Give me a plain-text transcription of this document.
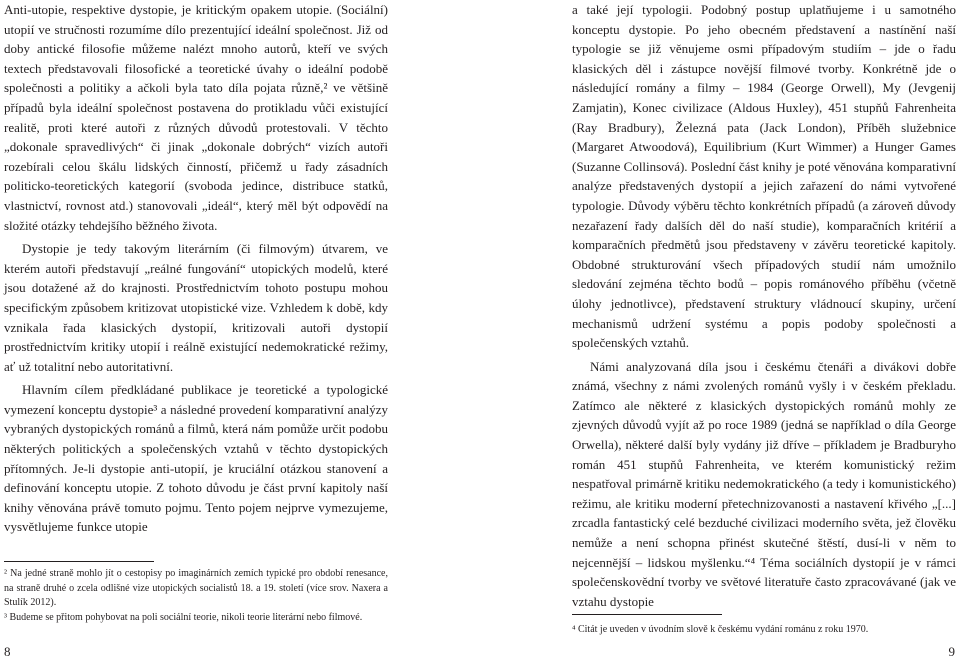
Anti-utopie, respektive dystopie, je kritickým opakem utopie. (Sociální) utopií ve stručnosti rozumíme dílo prezentující ideální společnost. Již od doby antické filosofie můžeme nalézt mnoho autorů, kteří ve svých textech představovali filosofické a teoretické úvahy o ideální podobě společnosti a politiky a ačkoli byla tato díla pojata různě,² ve většině případů byla ideální společnost postavena do protikladu vůči existující realitě, proti které autoři z různých důvodů protestovali. V těchto „dokonale spravedlivých“ či jinak „dokonale dobrých“ vizích autoři rozebírali celou škálu lidských činností, přičemž u řady zásadních politicko-teoretických kategorií (svoboda jedince, distribuce statků, vlastnictví, rovnost atd.) stanovovali „ideál“, který měl být odpovědí na složité otázky tehdejšího běžného života.

Dystopie je tedy takovým literárním (či filmovým) útvarem, ve kterém autoři představují „reálné fungování“ utopických modelů, které jsou dotažené až do krajnosti. Prostřednictvím tohoto postupu mohou specifickým způsobem kritizovat utopistické vize. Vzhledem k době, kdy vznikala řada klasických dystopií, kritizovali autoři dystopií prostřednictvím kritiky utopií i reálně existující nedemokratické režimy, ať už totalitní nebo autoritativní.

Hlavním cílem předkládané publikace je teoretické a typologické vymezení konceptu dystopie³ a následné provedení komparativní analýzy vybraných dystopických románů a filmů, která nám pomůže určit podobu některých politických a společenských vztahů v těchto dystopických přítomných. Je-li dystopie anti-utopií, je kruciální otázkou stanovení a definování konceptu utopie. Z tohoto důvodu je část první kapitoly naší knihy věnována právě tomuto pojmu. Tento pojem nejprve vymezujeme, vysvětlujeme funkce utopie

² Na jedné straně mohlo jít o cestopisy po imaginárních zemích typické pro období renesance, na straně druhé o zcela odlišné vize utopických socialistů 18. a 19. století (více srov. Naxera a Stulík 2012).

³ Budeme se přitom pohybovat na poli sociální teorie, nikoli teorie literární nebo filmové.

8

a také její typologii. Podobný postup uplatňujeme i u samotného konceptu dystopie. Po jeho obecném představení a nastínění naší typologie se již věnujeme osmi případovým studiím – jde o řadu klasických děl i zástupce novější filmové tvorby. Konkrétně jde o následující romány a filmy – 1984 (George Orwell), My (Jevgenij Zamjatin), Konec civilizace (Aldous Huxley), 451 stupňů Fahrenheita (Ray Bradbury), Železná pata (Jack London), Příběh služebnice (Margaret Atwoodová), Equilibrium (Kurt Wimmer) a Hunger Games (Suzanne Collinsová). Poslední část knihy je poté věnována komparativní analýze představených dystopií a jejich zařazení do námi vytvořené typologie. Důvody výběru těchto konkrétních případů (a zároveň důvody nezařazení řady dalších děl do naší studie), komparačních kritérií a komparačních předmětů jsou představeny v závěru teoretické kapitoly. Obdobné strukturování všech případových studií nám umožnilo sledování zejména těchto bodů – popis románového příběhu (včetně úlohy jednotlivce), představení struktury vládnoucí skupiny, určení mechanismů udržení systému a popis podoby společnosti a společenských vztahů.

Námi analyzovaná díla jsou i českému čtenáři a divákovi dobře známá, všechny z námi zvolených románů vyšly i v českém překladu. Zatímco ale některé z klasických dystopických románů mohly ze zjevných důvodů vyjít až po roce 1989 (jedná se například o díla George Orwella), některé další byly vydány již dříve – příkladem je Bradburyho román 451 stupňů Fahrenheita, ve kterém komunistický režim nespatřoval primárně kritiku nedemokratického (a tedy i komunistického) režimu, ale kritiku moderní přetechnizovanosti a nastavení křivého „[...] zrcadla fantastický celé bezduché civilizaci moderního světa, jež člověku nemůže a není schopna přinést skutečné štěstí, dusí-li v něm to nejcennější – lidskou myšlenku.“⁴ Téma sociálních dystopií je v rámci společenskovědní tvorby ve světové literatuře často zpracovávané (jak ve vztahu dystopie

⁴ Citát je uveden v úvodním slově k českému vydání románu z roku 1970.

9
